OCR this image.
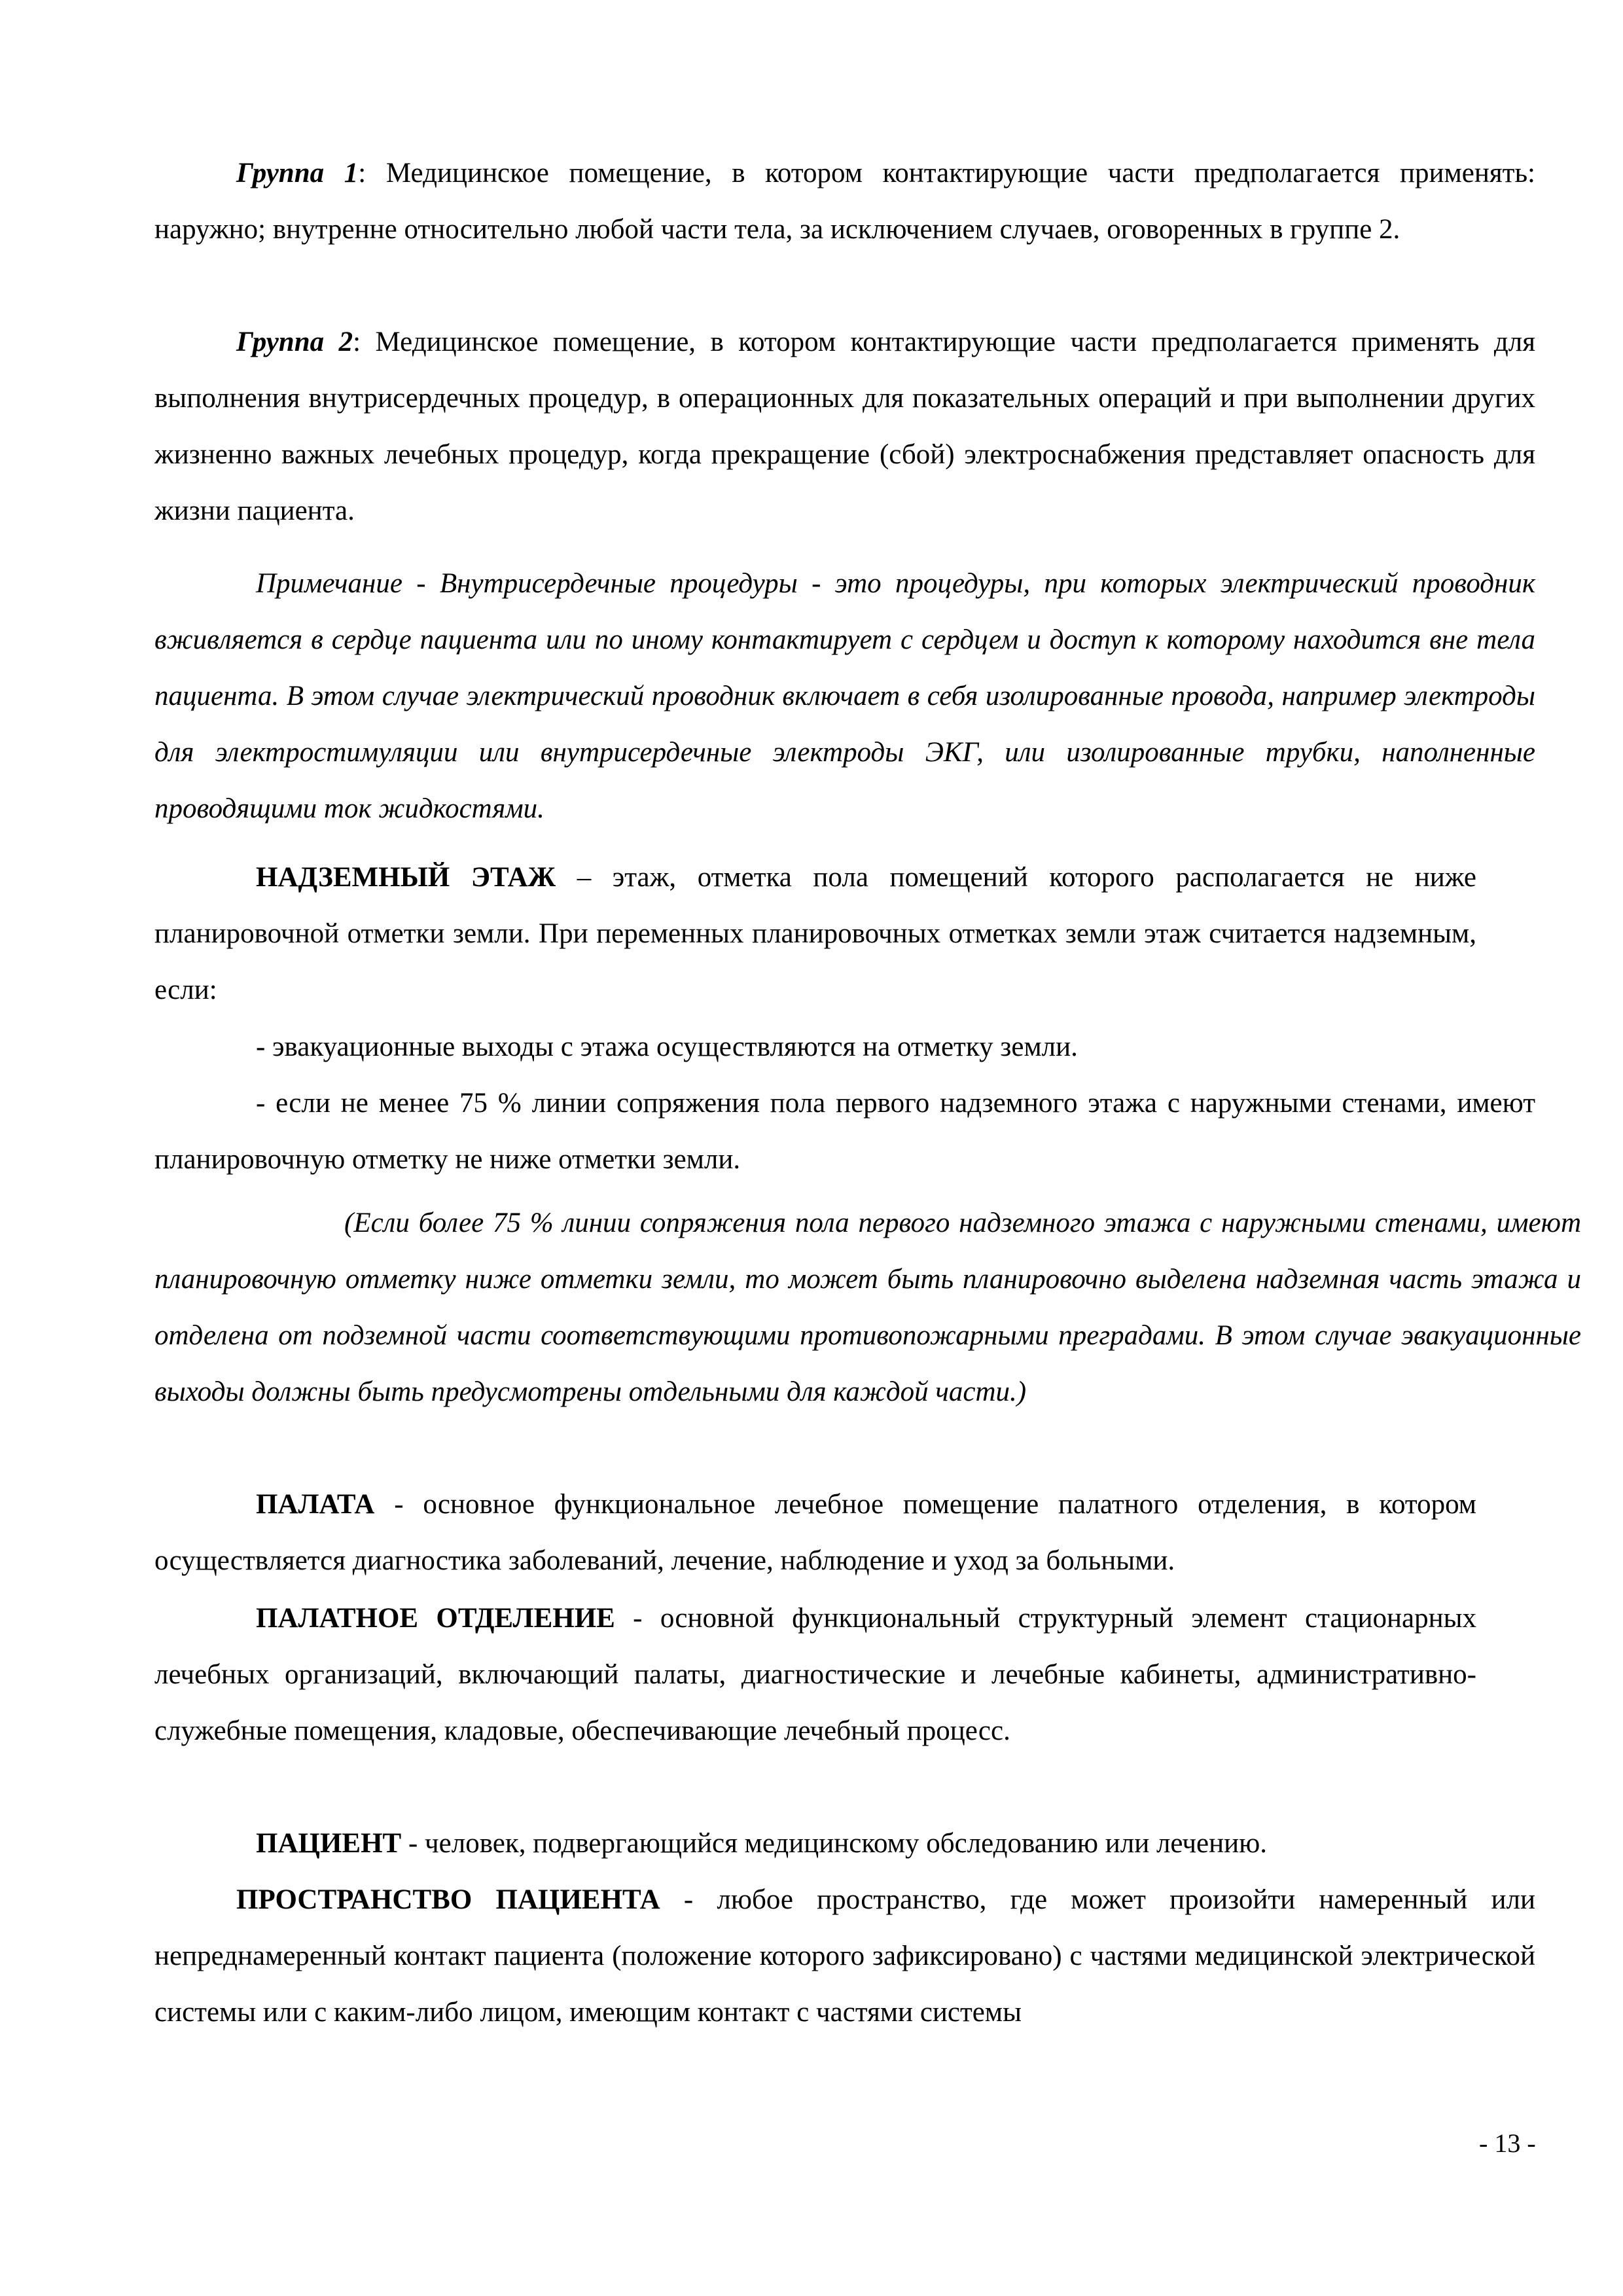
Группа 1: Медицинское помещение, в котором контактирующие части предполагается применять: наружно; внутренне относительно любой части тела, за исключением случаев, оговоренных в группе 2.

Группа 2: Медицинское помещение, в котором контактирующие части предполагается применять для выполнения внутрисердечных процедур, в операционных для показательных операций и при выполнении других жизненно важных лечебных процедур, когда прекращение (сбой) электроснабжения представляет опасность для жизни пациента.

Примечание - Внутрисердечные процедуры - это процедуры, при которых электрический проводник вживляется в сердце пациента или по иному контактирует с сердцем и доступ к которому находится вне тела пациента. В этом случае электрический проводник включает в себя изолированные провода, например электроды для электростимуляции или внутрисердечные электроды ЭКГ, или изолированные трубки, наполненные проводящими ток жидкостями.

НАДЗЕМНЫЙ ЭТАЖ – этаж, отметка пола помещений которого располагается не ниже планировочной отметки земли. При переменных планировочных отметках земли этаж считается надземным, если:

- эвакуационные выходы с этажа осуществляются на отметку земли.

- если не менее 75 % линии сопряжения пола первого надземного этажа с наружными стенами, имеют планировочную отметку не ниже отметки земли.

(Если более 75 % линии сопряжения пола первого надземного этажа с наружными стенами, имеют планировочную отметку ниже отметки земли, то может быть планировочно выделена надземная часть этажа и отделена от подземной части соответствующими противопожарными преградами. В этом случае эвакуационные выходы должны быть предусмотрены отдельными для каждой части.)

ПАЛАТА - основное функциональное лечебное помещение палатного отделения, в котором осуществляется диагностика заболеваний, лечение, наблюдение и уход за больными.

ПАЛАТНОЕ ОТДЕЛЕНИЕ - основной функциональный структурный элемент стационарных лечебных организаций, включающий палаты, диагностические и лечебные кабинеты, административно-служебные помещения, кладовые, обеспечивающие лечебный процесс.

ПАЦИЕНТ - человек, подвергающийся медицинскому обследованию или лечению.

ПРОСТРАНСТВО ПАЦИЕНТА - любое пространство, где может произойти намеренный или непреднамеренный контакт пациента (положение которого зафиксировано) с частями медицинской электрической системы или с каким-либо лицом, имеющим контакт с частями системы

- 13 -
